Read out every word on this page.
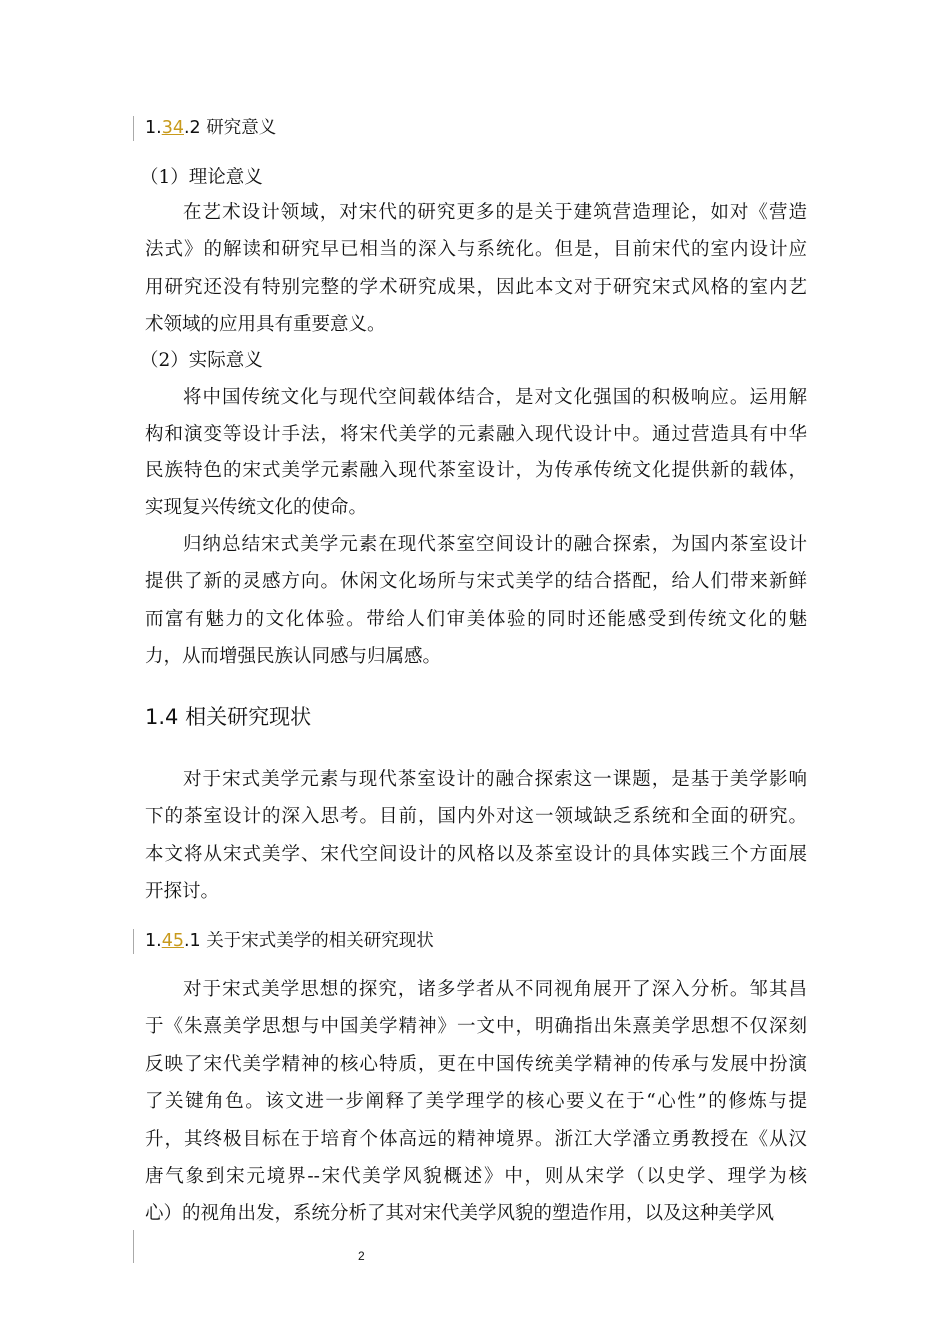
1.34.2 研究意义
（1）理论意义
在艺术设计领域，对宋代的研究更多的是关于建筑营造理论，如对《营造
法式》的解读和研究早已相当的深入与系统化。但是，目前宋代的室内设计应
用研究还没有特别完整的学术研究成果，因此本文对于研究宋式风格的室内艺
术领域的应用具有重要意义。
（2）实际意义
将中国传统文化与现代空间载体结合，是对文化强国的积极响应。运用解
构和演变等设计手法，将宋代美学的元素融入现代设计中。通过营造具有中华
民族特色的宋式美学元素融入现代茶室设计，为传承传统文化提供新的载体，
实现复兴传统文化的使命。
归纳总结宋式美学元素在现代茶室空间设计的融合探索，为国内茶室设计
提供了新的灵感方向。休闲文化场所与宋式美学的结合搭配，给人们带来新鲜
而富有魅力的文化体验。带给人们审美体验的同时还能感受到传统文化的魅
力，从而增强民族认同感与归属感。
1.4 相关研究现状
对于宋式美学元素与现代茶室设计的融合探索这一课题，是基于美学影响
下的茶室设计的深入思考。目前，国内外对这一领域缺乏系统和全面的研究。
本文将从宋式美学、宋代空间设计的风格以及茶室设计的具体实践三个方面展
开探讨。
1.45.1 关于宋式美学的相关研究现状
对于宋式美学思想的探究，诸多学者从不同视角展开了深入分析。邹其昌
于《朱熹美学思想与中国美学精神》一文中，明确指出朱熹美学思想不仅深刻
反映了宋代美学精神的核心特质，更在中国传统美学精神的传承与发展中扮演
了关键角色。该文进一步阐释了美学理学的核心要义在于“心性”的修炼与提
升，其终极目标在于培育个体高远的精神境界。浙江大学潘立勇教授在《从汉
唐气象到宋元境界--宋代美学风貌概述》中，则从宋学（以史学、理学为核
心）的视角出发，系统分析了其对宋代美学风貌的塑造作用，以及这种美学风
2
